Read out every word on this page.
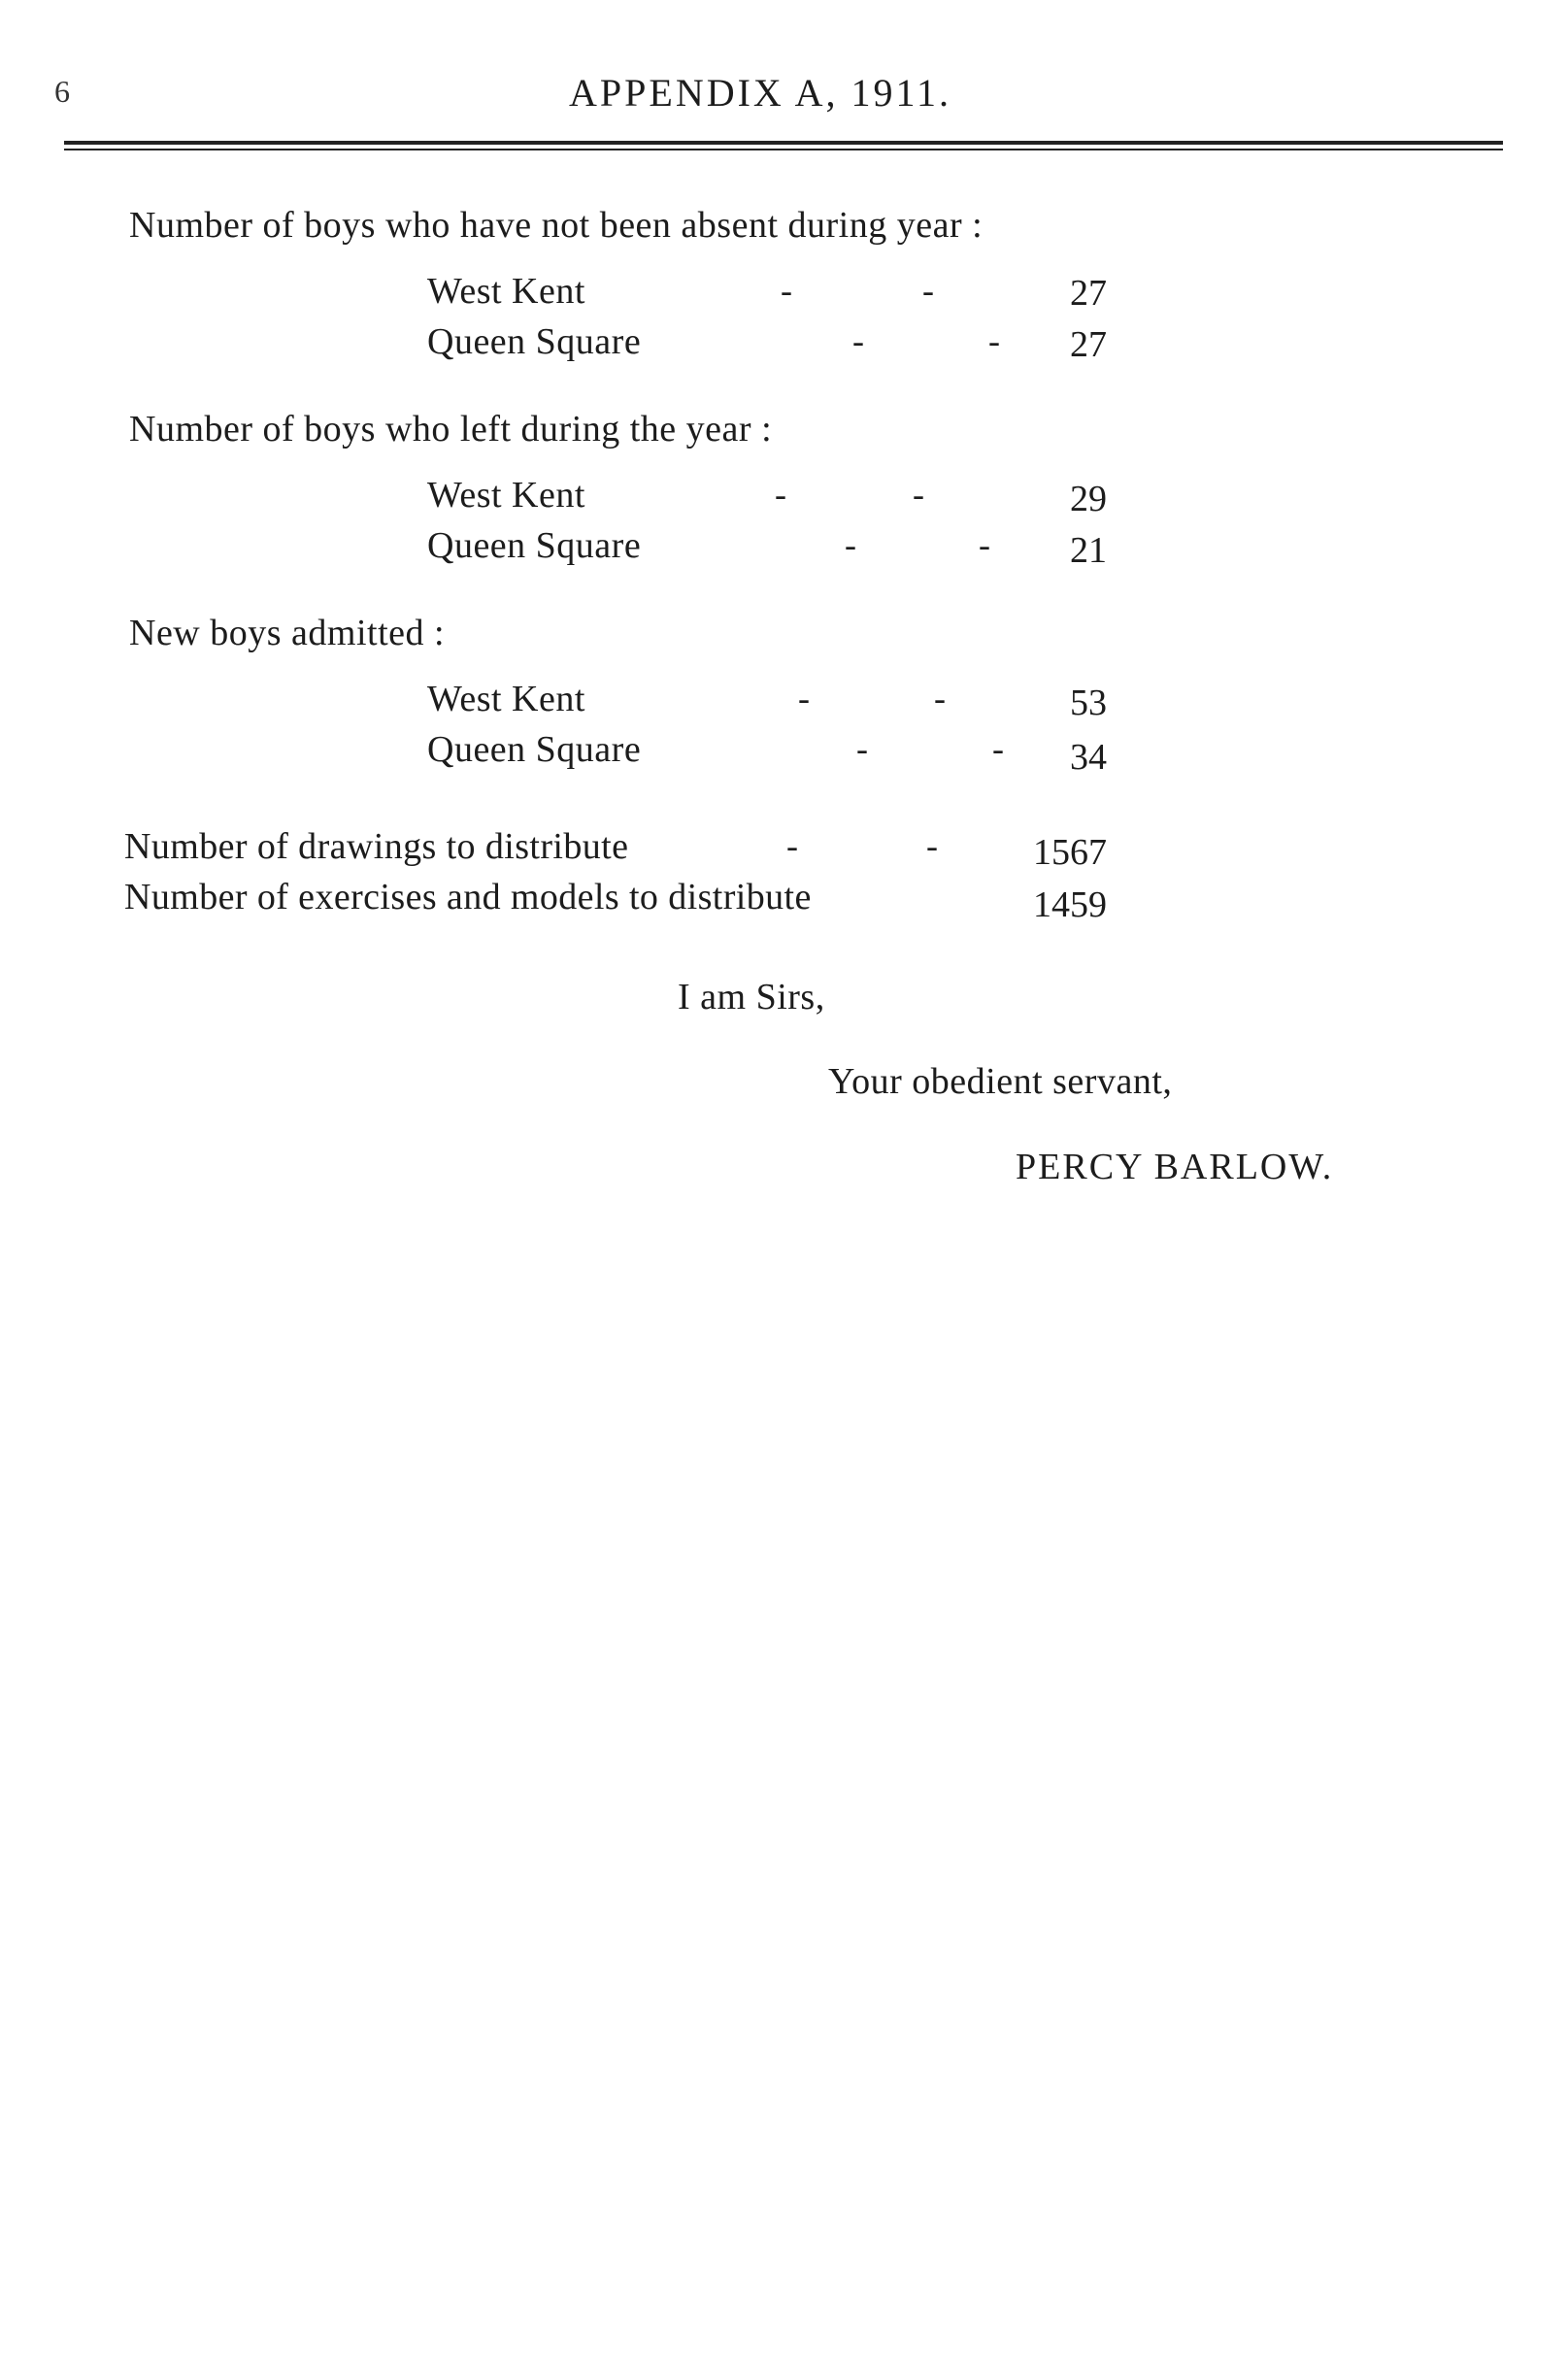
6	APPENDIX A, 1911.
Number of boys who have not been absent during year :
West Kent	-	-	27
Queen Square	-	-	27
Number of boys who left during the year :
West Kent	-	-	29
Queen Square	-	-	21
New boys admitted :
West Kent	-	-	53
Queen Square	-	-	34
Number of drawings to distribute	-	-	1567
Number of exercises and models to distribute	1459
I am Sirs,
Your obedient servant,
PERCY BARLOW.
